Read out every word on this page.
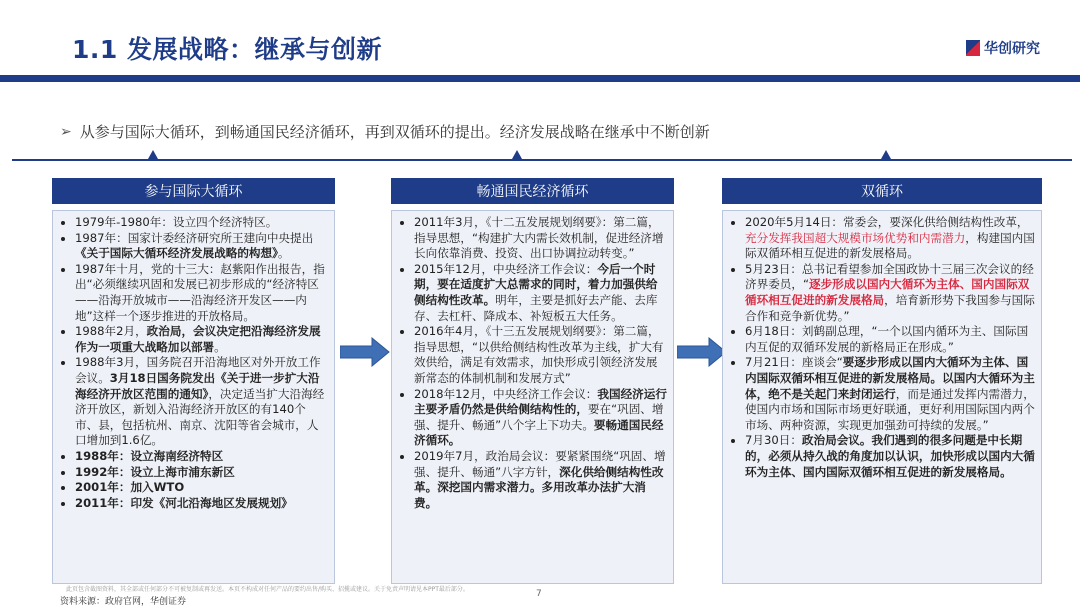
1.1 发展战略：继承与创新	华创研究
➢ 从参与国际大循环，到畅通国民经济循环，再到双循环的提出。经济发展战略在继承中不断创新
参与国际大循环
• 1979年-1980年：设立四个经济特区。
• 1987年：国家计委经济研究所王建向中央提出《关于国际大循环经济发展战略的构想》。
• 1987年十月，党的十三大：赵紫阳作出报告，指出“必须继续巩固和发展已初步形成的“经济特区——沿海开放城市——沿海经济开发区——内地”这样一个逐步推进的开放格局。
• 1988年2月，政治局，会议决定把沿海经济发展作为一项重大战略加以部署。
• 1988年3月，国务院召开沿海地区对外开放工作会议。3月18日国务院发出《关于进一步扩大沿海经济开放区范围的通知》，决定适当扩大沿海经济开放区，新划入沿海经济开放区的有140个市、县，包括杭州、南京、沈阳等省会城市，人口增加到1.6亿。
• 1988年：设立海南经济特区
• 1992年：设立上海市浦东新区
• 2001年：加入WTO
• 2011年：印发《河北沿海地区发展规划》
畅通国民经济循环
• 2011年3月，《十二五发展规划纲要》：第二篇，指导思想，“构建扩大内需长效机制，促进经济增长向依靠消费、投资、出口协调拉动转变。”
• 2015年12月，中央经济工作会议：今后一个时期，要在适度扩大总需求的同时，着力加强供给侧结构性改革。明年，主要是抓好去产能、去库存、去杠杆、降成本、补短板五大任务。
• 2016年4月，《十三五发展规划纲要》：第二篇，指导思想，“以供给侧结构性改革为主线，扩大有效供给，满足有效需求，加快形成引领经济发展新常态的体制机制和发展方式”
• 2018年12月，中央经济工作会议：我国经济运行主要矛盾仍然是供给侧结构性的，要在“巩固、增强、提升、畅通”八个字上下功夫。要畅通国民经济循环。
• 2019年7月，政治局会议：要紧紧围绕“巩固、增强、提升、畅通”八字方针，深化供给侧结构性改革。深挖国内需求潜力。多用改革办法扩大消费。
双循环
• 2020年5月14日：常委会，要深化供给侧结构性改革，充分发挥我国超大规模市场优势和内需潜力，构建国内国际双循环相互促进的新发展格局。
• 5月23日：总书记看望参加全国政协十三届三次会议的经济界委员，“逐步形成以国内大循环为主体、国内国际双循环相互促进的新发展格局，培育新形势下我国参与国际合作和竞争新优势。”
• 6月18日：刘鹤副总理，“一个以国内循环为主、国际国内互促的双循环发展的新格局正在形成。”
• 7月21日：座谈会“要逐步形成以国内大循环为主体、国内国际双循环相互促进的新发展格局。以国内大循环为主体，绝不是关起门来封闭运行，而是通过发挥内需潜力，使国内市场和国际市场更好联通，更好利用国际国内两个市场、两种资源，实现更加强劲可持续的发展。”
• 7月30日：政治局会议。我们遇到的很多问题是中长期的，必须从持久战的角度加以认识，加快形成以国内大循环为主体、国内国际双循环相互促进的新发展格局。
此页包含截图资料，其全部或任何部分不可被复制或再发送。本页不构成对任何产品的要约出售/购买、招揽或建议。关于免责声明请见本PPT最后部分。
资料来源：政府官网，华创证券
7
